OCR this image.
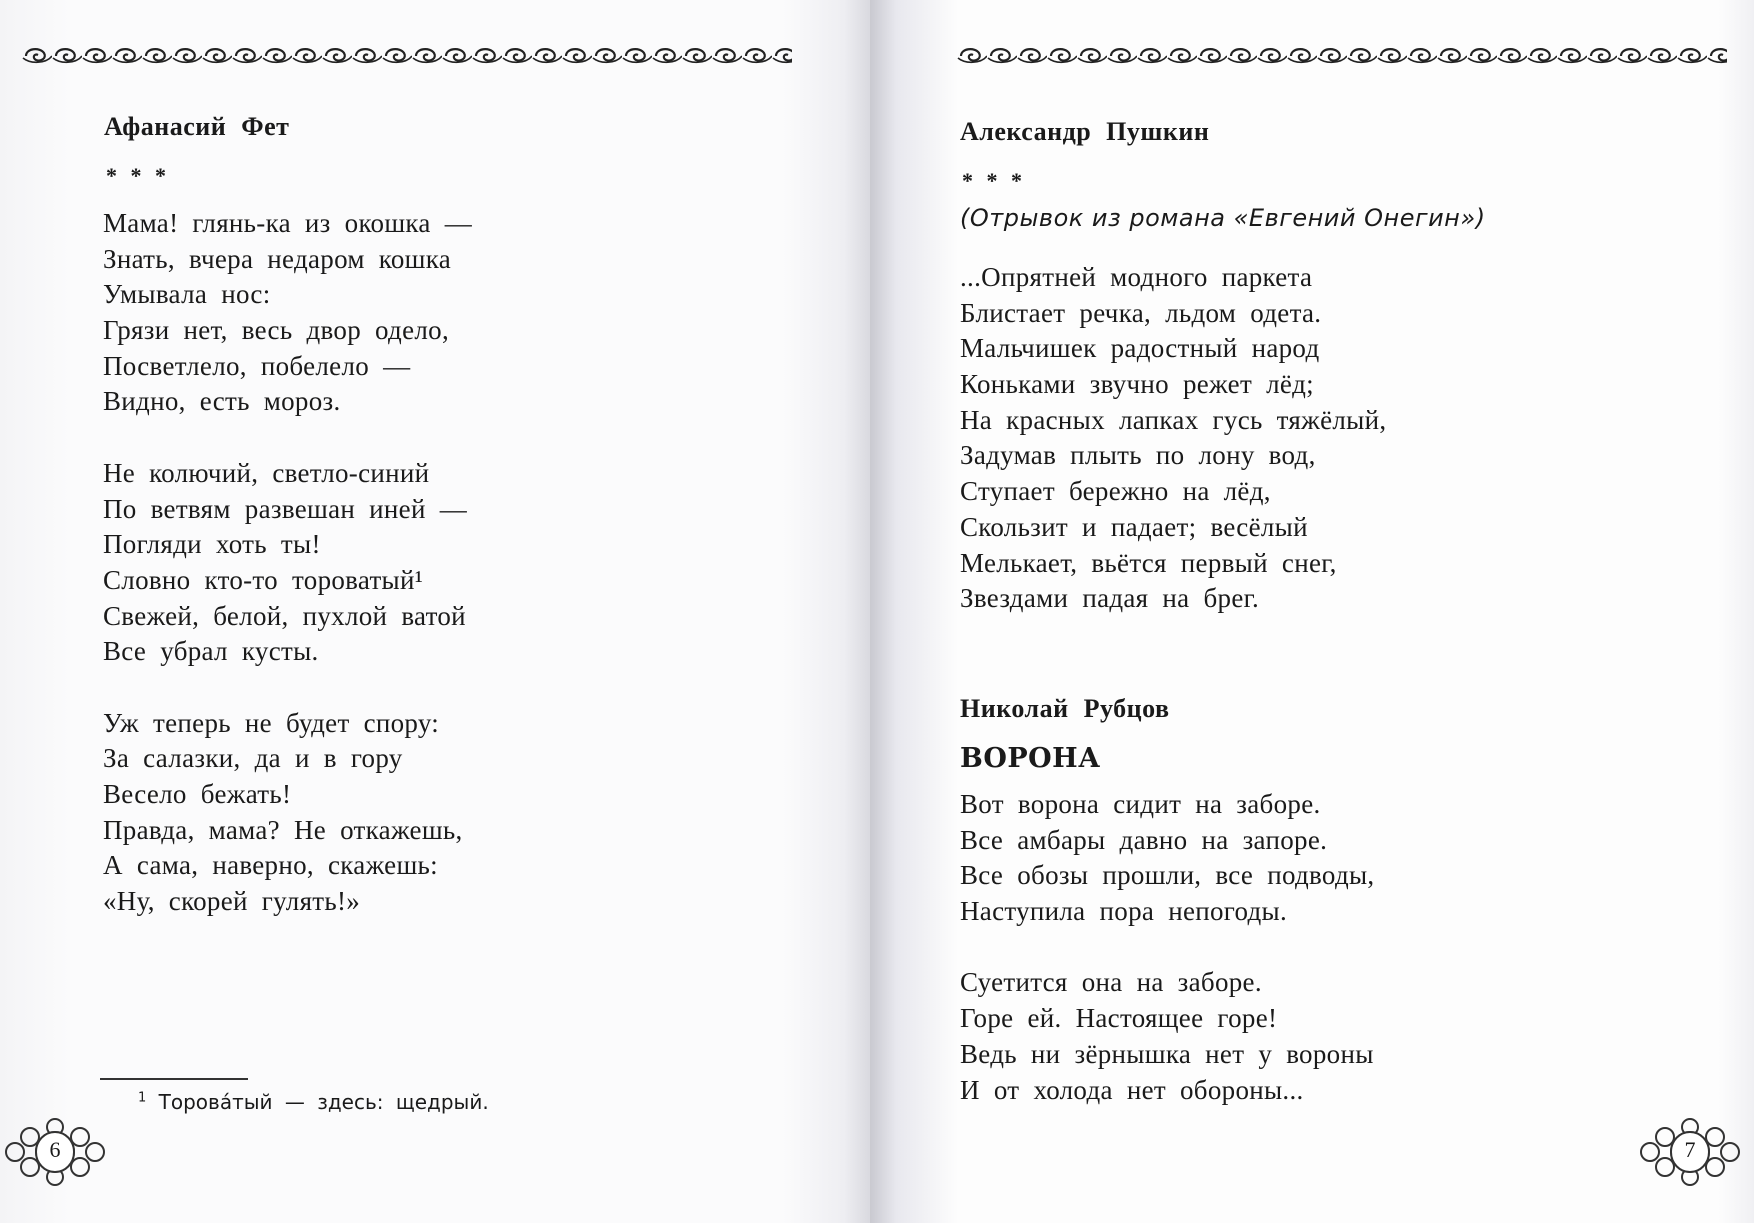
Афанасий Фет
* * *
Мама! глянь-ка из окошка —
Знать, вчера недаром кошка
Умывала нос:
Грязи нет, весь двор одело,
Посветлело, побелело —
Видно, есть мороз.
Не колючий, светло-синий
По ветвям развешан иней —
Погляди хоть ты!
Словно кто-то тороватый¹
Свежей, белой, пухлой ватой
Все убрал кусты.
Уж теперь не будет спору:
За салазки, да и в гору
Весело бежать!
Правда, мама? Не откажешь,
А сама, наверно, скажешь:
«Ну, скорей гулять!»
$^1$ Торова́тый — здесь: щедрый.
6
Александр Пушкин
* * *
(Отрывок из романа «Евгений Онегин»)
...Опрятней модного паркета
Блистает речка, льдом одета.
Мальчишек радостный народ
Коньками звучно режет лёд;
На красных лапках гусь тяжёлый,
Задумав плыть по лону вод,
Ступает бережно на лёд,
Скользит и падает; весёлый
Мелькает, вьётся первый снег,
Звездами падая на брег.
Николай Рубцов
ВОРОНА
Вот ворона сидит на заборе.
Все амбары давно на запоре.
Все обозы прошли, все подводы,
Наступила пора непогоды.
Суетится она на заборе.
Горе ей. Настоящее горе!
Ведь ни зёрнышка нет у вороны
И от холода нет обороны...
7
